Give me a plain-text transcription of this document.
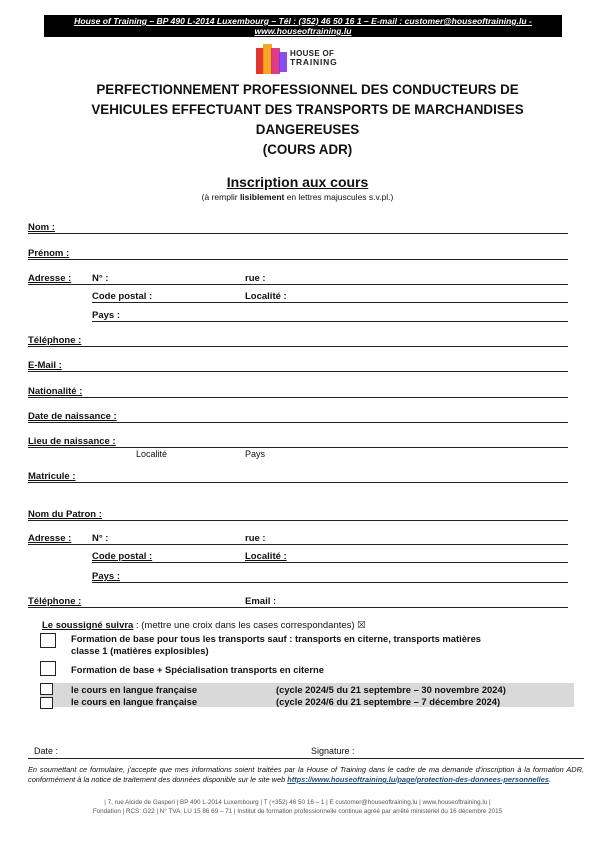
House of Training – BP 490 L-2014 Luxembourg – Tél : (352) 46 50 16 1 – E-mail : customer@houseoftraining.lu -
www.houseoftraining.lu
HOUSE OF
TRAINING
PERFECTIONNEMENT PROFESSIONNEL DES CONDUCTEURS DE
VEHICULES EFFECTUANT DES TRANSPORTS DE MARCHANDISES
DANGEREUSES
(COURS ADR)
Inscription aux cours
(à remplir lisiblement en lettres majuscules s.v.pl.)
Nom :
Prénom :
Adresse : N° :	rue :
Code postal :	Localité :
Pays :
Téléphone :
E-Mail :
Nationalité :
Date de naissance :
Lieu de naissance :
Localité	Pays
Matricule :
Nom du Patron :
Adresse : N° :	rue :
Code postal :	Localité :
Pays :
Téléphone :	Email :
Le soussigné suivra : (mettre une croix dans les cases correspondantes) ☒
Formation de base pour tous les transports sauf : transports en citerne, transports matières
classe 1 (matières explosibles)
Formation de base + Spécialisation transports en citerne
le cours en langue française	(cycle 2024/5 du 21 septembre – 30 novembre 2024)
le cours en langue française	(cycle 2024/6 du 21 septembre – 7 décembre 2024)
Date :	Signature :
En soumettant ce formulaire, j'accepte que mes informations soient traitées par la House of Training dans le cadre de ma demande d'inscription à la formation ADR, conformément à la notice de traitement des données disponible sur le site web https://www.houseoftraining.lu/page/protection-des-donnees-personnelles.
| 7, rue Alcide de Gasperi | BP 490 L-2014 Luxembourg | T (+352) 46 50 16 – 1 | E customer@houseoftraining.lu | www.houseoftraining.lu |
Fondation | RCS: G22 | N° TVA: LU 15 86 69 – 71 | Institut de formation professionnelle continue agréé par arrêté ministériel du 16 décembre 2015
